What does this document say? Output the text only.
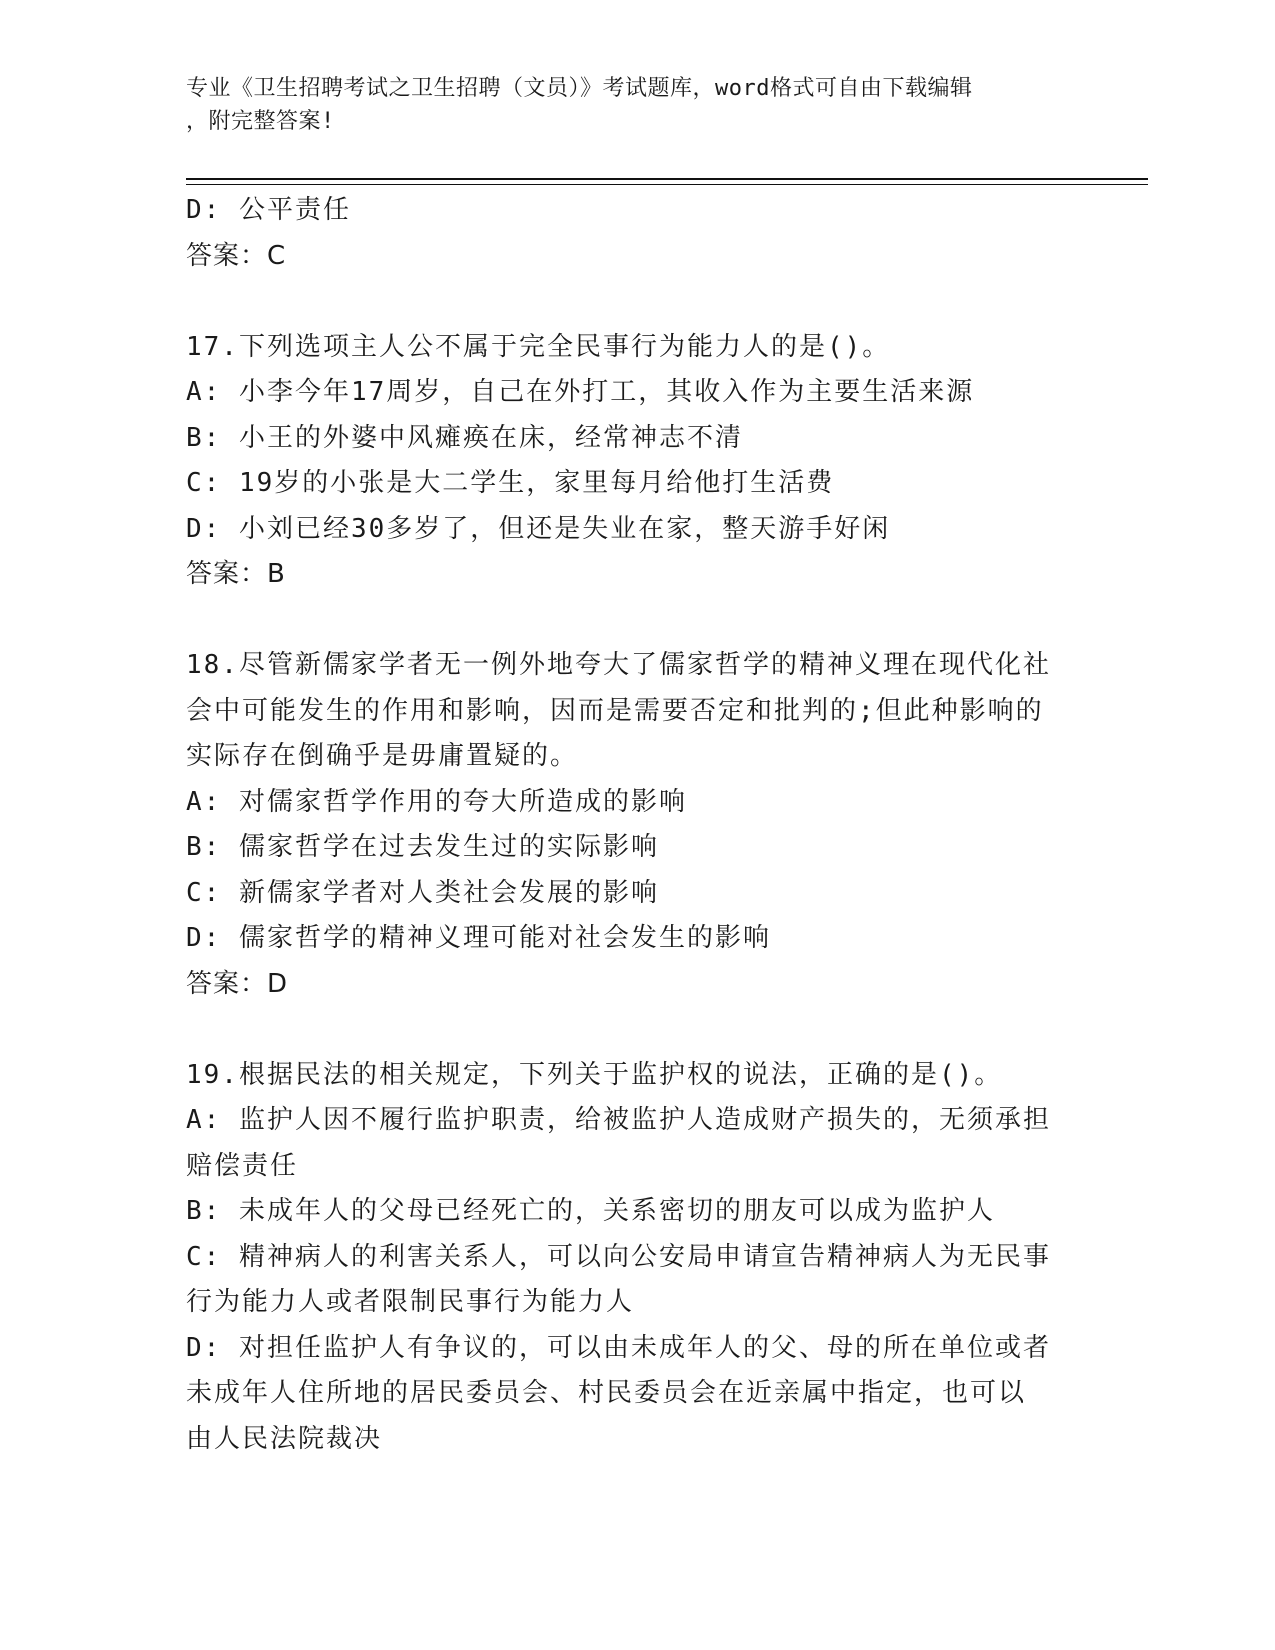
专业《卫生招聘考试之卫生招聘（文员）》考试题库，word格式可自由下载编辑
，附完整答案!
D: 公平责任
答案：C
17.下列选项主人公不属于完全民事行为能力人的是()。
A: 小李今年17周岁，自己在外打工，其收入作为主要生活来源
B: 小王的外婆中风瘫痪在床，经常神志不清
C: 19岁的小张是大二学生，家里每月给他打生活费
D: 小刘已经30多岁了，但还是失业在家，整天游手好闲
答案：B
18.尽管新儒家学者无一例外地夸大了儒家哲学的精神义理在现代化社
会中可能发生的作用和影响，因而是需要否定和批判的;但此种影响的
实际存在倒确乎是毋庸置疑的。
A: 对儒家哲学作用的夸大所造成的影响
B: 儒家哲学在过去发生过的实际影响
C: 新儒家学者对人类社会发展的影响
D: 儒家哲学的精神义理可能对社会发生的影响
答案：D
19.根据民法的相关规定，下列关于监护权的说法，正确的是()。
A: 监护人因不履行监护职责，给被监护人造成财产损失的，无须承担
赔偿责任
B: 未成年人的父母已经死亡的，关系密切的朋友可以成为监护人
C: 精神病人的利害关系人，可以向公安局申请宣告精神病人为无民事
行为能力人或者限制民事行为能力人
D: 对担任监护人有争议的，可以由未成年人的父、母的所在单位或者
未成年人住所地的居民委员会、村民委员会在近亲属中指定，也可以
由人民法院裁决
